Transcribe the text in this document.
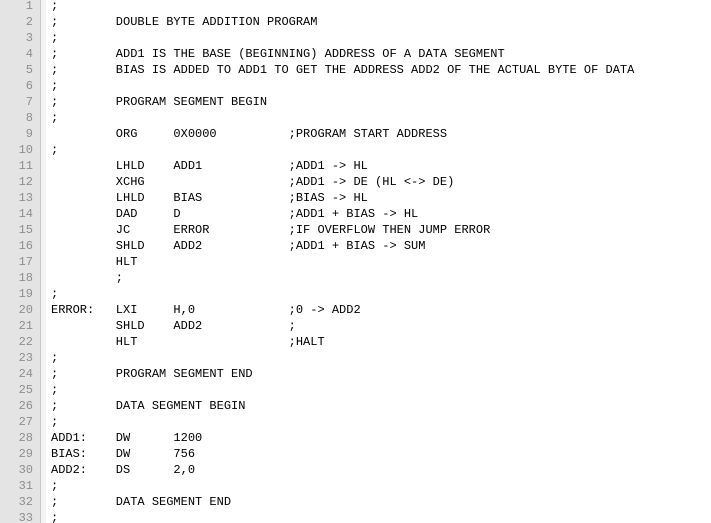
1 ;
2 ;        DOUBLE BYTE ADDITION PROGRAM
3 ;
4 ;        ADD1 IS THE BASE (BEGINNING) ADDRESS OF A DATA SEGMENT
5 ;        BIAS IS ADDED TO ADD1 TO GET THE ADDRESS ADD2 OF THE ACTUAL BYTE OF DATA
6 ;
7 ;        PROGRAM SEGMENT BEGIN
8 ;
9 ORG     0X0000          ;PROGRAM START ADDRESS
10 ;
11 LHLD    ADD1            ;ADD1 -> HL
12 XCHG                    ;ADD1 -> DE (HL <-> DE)
13 LHLD    BIAS            ;BIAS -> HL
14 DAD     D               ;ADD1 + BIAS -> HL
15 JC      ERROR           ;IF OVERFLOW THEN JUMP ERROR
16 SHLD    ADD2            ;ADD1 + BIAS -> SUM
17 HLT
18 ;
19 ;
20 ERROR:   LXI     H,0             ;0 -> ADD2
21 SHLD    ADD2            ;
22 HLT                     ;HALT
23 ;
24 ;        PROGRAM SEGMENT END
25 ;
26 ;        DATA SEGMENT BEGIN
27 ;
28 ADD1:    DW      1200
29 BIAS:    DW      756
30 ADD2:    DS      2,0
31 ;
32 ;        DATA SEGMENT END
33 ;
